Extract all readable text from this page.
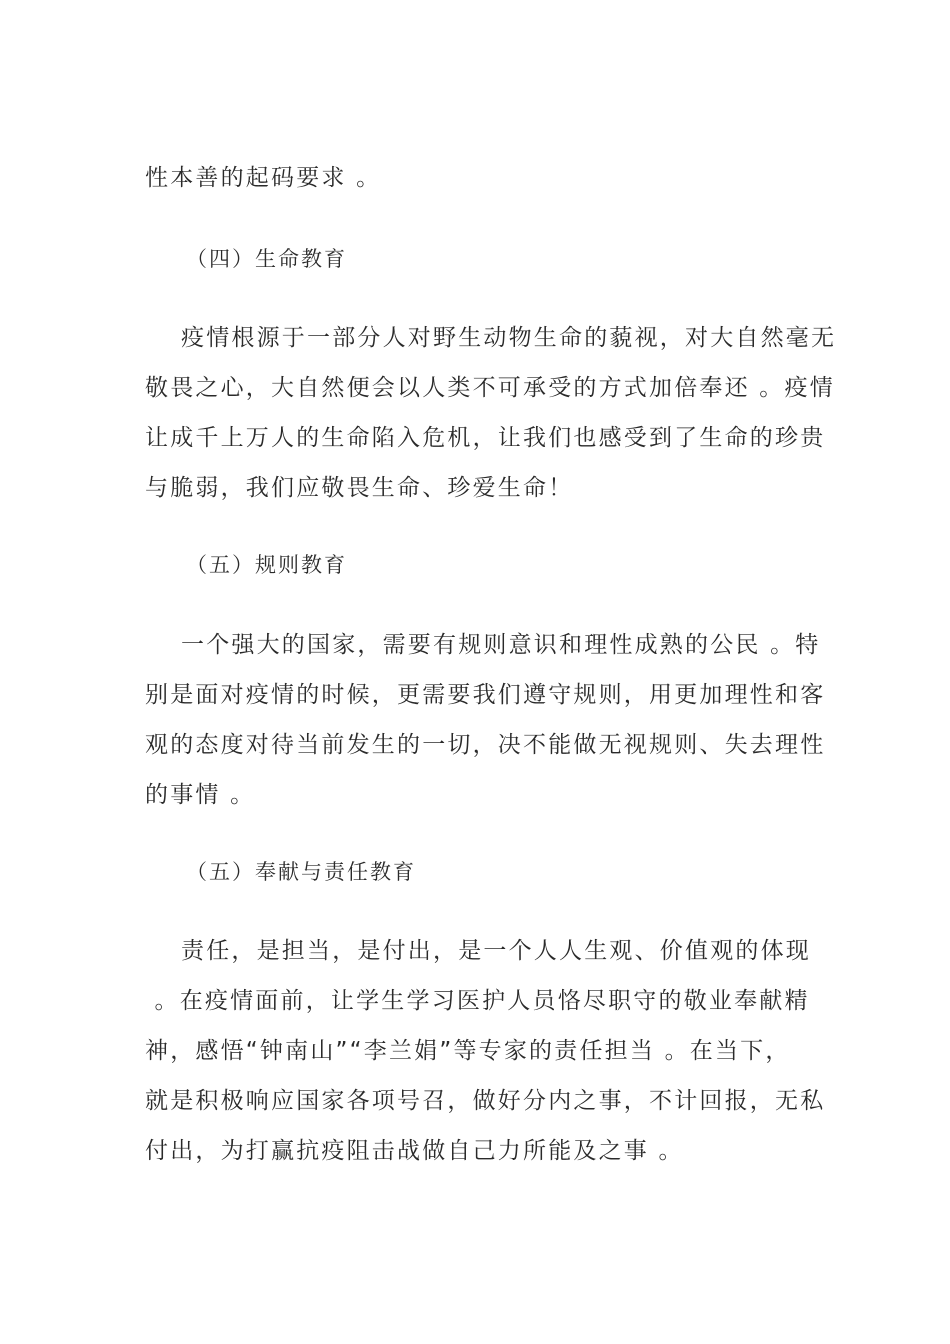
性本善的起码要求 。

（四）生命教育

疫情根源于一部分人对野生动物生命的藐视，对大自然毫无

敬畏之心，大自然便会以人类不可承受的方式加倍奉还 。疫情

让成千上万人的生命陷入危机，让我们也感受到了生命的珍贵

与脆弱，我们应敬畏生命、珍爱生命！

（五）规则教育

一个强大的国家，需要有规则意识和理性成熟的公民 。特

别是面对疫情的时候，更需要我们遵守规则，用更加理性和客

观的态度对待当前发生的一切，决不能做无视规则、失去理性

的事情 。

（五）奉献与责任教育

责任，是担当，是付出，是一个人人生观、价值观的体现

。在疫情面前，让学生学习医护人员恪尽职守的敬业奉献精

神，感悟“钟南山”“李兰娟”等专家的责任担当 。在当下，

就是积极响应国家各项号召，做好分内之事，不计回报，无私

付出，为打赢抗疫阻击战做自己力所能及之事 。
